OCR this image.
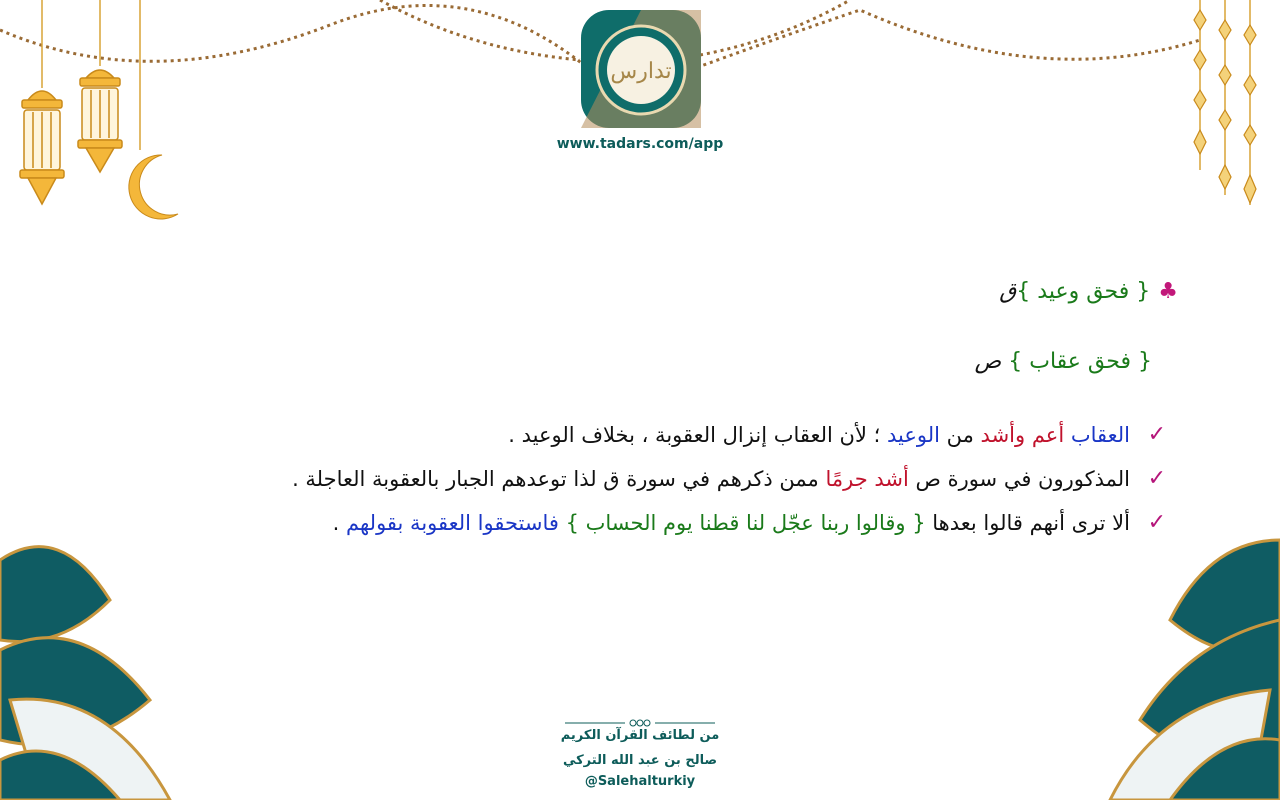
تدارس
www.tadars.com/app
♣{ فحق وعيد }ق
{ فحق عقاب } ص
✓
العقاب أعم وأشد من الوعيد ؛ لأن العقاب إنزال العقوبة ، بخلاف الوعيد .
✓
المذكورون في سورة ص أشد جرمًا ممن ذكرهم في سورة ق لذا توعدهم الجبار بالعقوبة العاجلة .
✓
ألا ترى أنهم قالوا بعدها { وقالوا ربنا عجّل لنا قطنا يوم الحساب } فاستحقوا العقوبة بقولهم .
من لطائف القرآن الكريم
صالح بن عبد الله التركي
@Salehalturkiy
